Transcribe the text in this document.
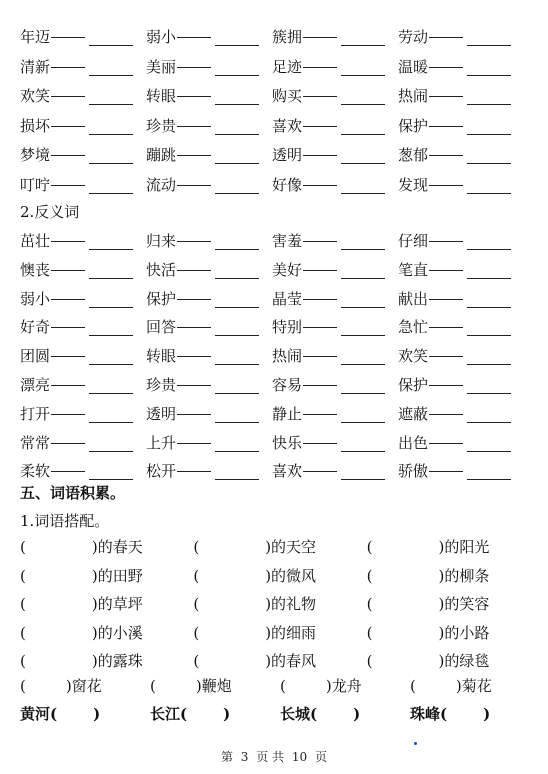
年迈	弱小	簇拥	劳动
清新	美丽	足迹	温暖
欢笑	转眼	购买	热闹
损坏	珍贵	喜欢	保护
梦境	蹦跳	透明	葱郁
叮咛	流动	好像	发现
2.反义词
茁壮	归来	害羞	仔细
懊丧	快活	美好	笔直
弱小	保护	晶莹	献出
好奇	回答	特别	急忙
团圆	转眼	热闹	欢笑
漂亮	珍贵	容易	保护
打开	透明	静止	遮蔽
常常	上升	快乐	出色
柔软	松开	喜欢	骄傲
五、词语积累。
1.词语搭配。
(	)的春天	(	)的天空	(	)的阳光
(	)的田野	(	)的微风	(	)的柳条
(	)的草坪	(	)的礼物	(	)的笑容
(	)的小溪	(	)的细雨	(	)的小路
(	)的露珠	(	)的春风	(	)的绿毯
(	)窗花	(	)鞭炮	(	)龙舟	(	)菊花
黄河( )	长江( )	长城( )	珠峰( )
第 3 页 共 10 页
